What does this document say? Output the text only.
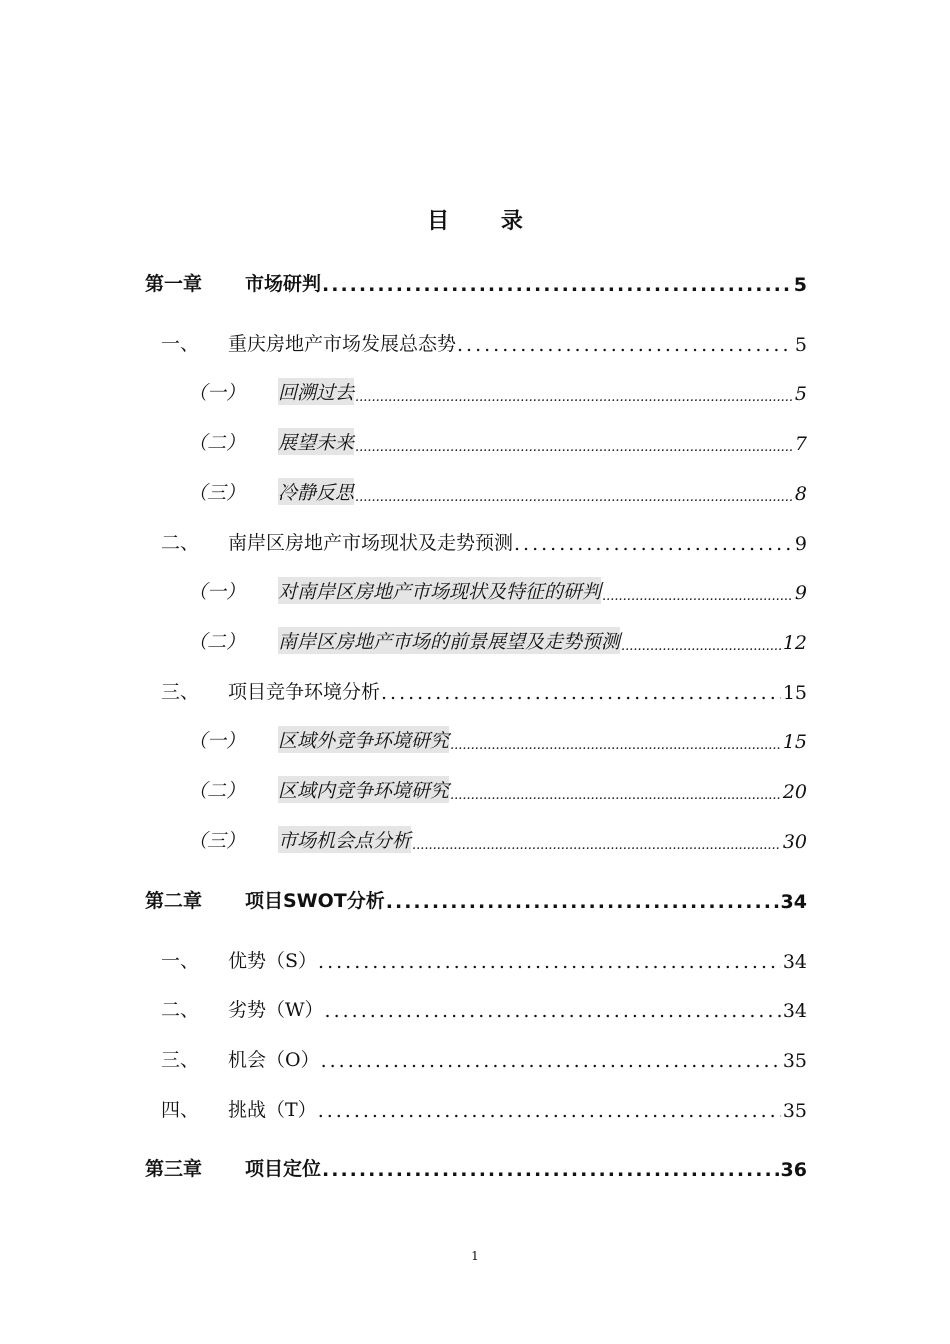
目 录
第一章	市场研判 .....	5
一、	重庆房地产市场发展总态势 .....	5
（一）	回溯过去 .....	5
（二）	展望未来 .....	7
（三）	冷静反思 .....	8
二、	南岸区房地产市场现状及走势预测 .....	9
（一）	对南岸区房地产市场现状及特征的研判 .....	9
（二）	南岸区房地产市场的前景展望及走势预测 .....	12
三、	项目竞争环境分析 .....	15
（一）	区域外竞争环境研究 .....	15
（二）	区域内竞争环境研究 .....	20
（三）	市场机会点分析 .....	30
第二章	项目SWOT分析 .....	34
一、	优势（S） .....	34
二、	劣势（W） .....	34
三、	机会（O） .....	35
四、	挑战（T） .....	35
第三章	项目定位 .....	36
1
